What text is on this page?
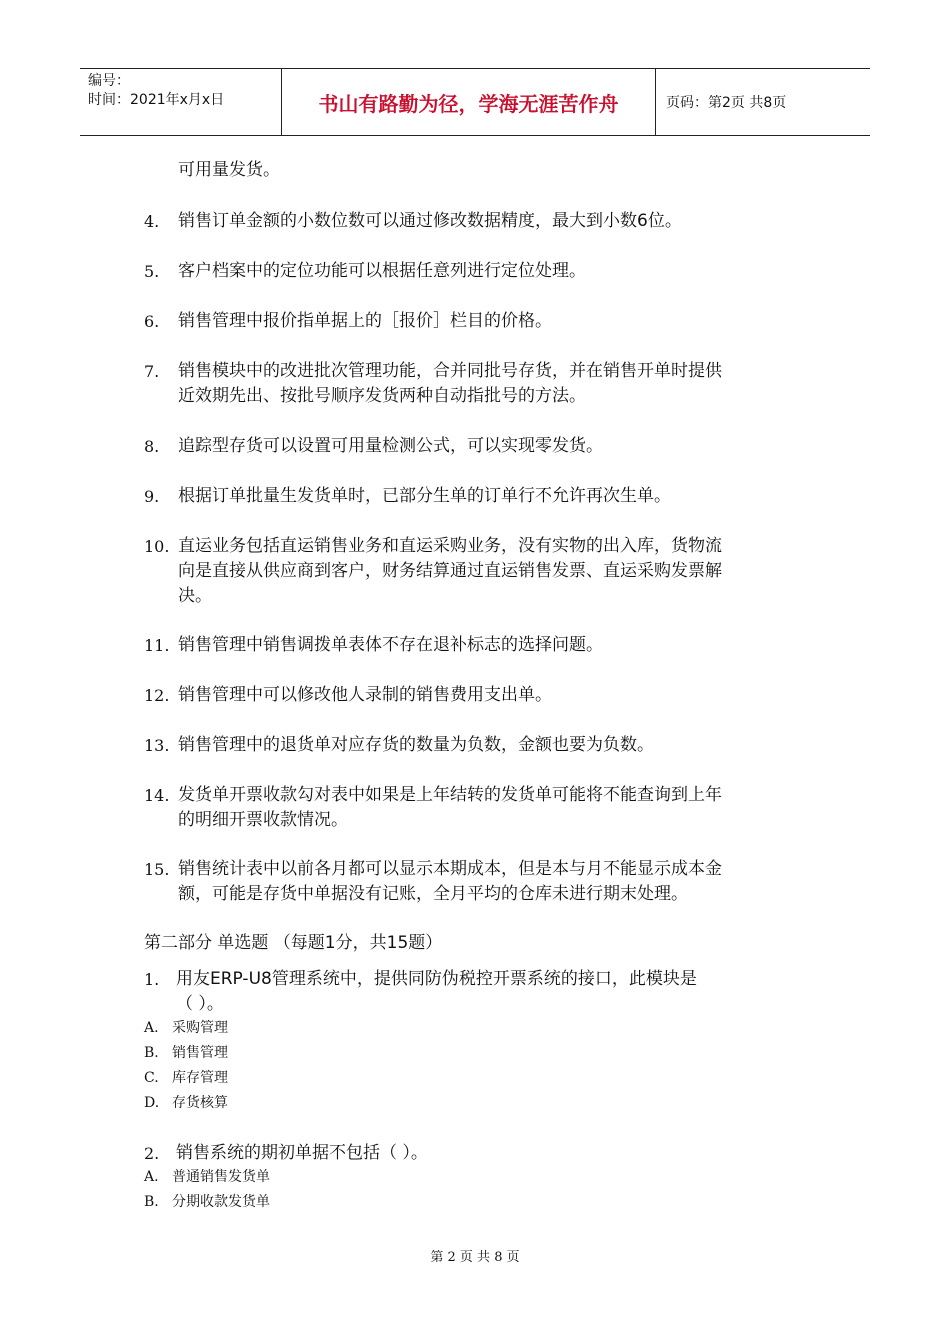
编号：
时间：2021年x月x日	书山有路勤为径，学海无涯苦作舟	页码：第2页 共8页
可用量发货。
4. 销售订单金额的小数位数可以通过修改数据精度，最大到小数6位。
5. 客户档案中的定位功能可以根据任意列进行定位处理。
6. 销售管理中报价指单据上的［报价］栏目的价格。
7. 销售模块中的改进批次管理功能，合并同批号存货，并在销售开单时提供
近效期先出、按批号顺序发货两种自动指批号的方法。
8. 追踪型存货可以设置可用量检测公式，可以实现零发货。
9. 根据订单批量生发货单时，已部分生单的订单行不允许再次生单。
10. 直运业务包括直运销售业务和直运采购业务，没有实物的出入库，货物流
向是直接从供应商到客户，财务结算通过直运销售发票、直运采购发票解
决。
11. 销售管理中销售调拨单表体不存在退补标志的选择问题。
12. 销售管理中可以修改他人录制的销售费用支出单。
13. 销售管理中的退货单对应存货的数量为负数，金额也要为负数。
14. 发货单开票收款勾对表中如果是上年结转的发货单可能将不能查询到上年
的明细开票收款情况。
15. 销售统计表中以前各月都可以显示本期成本，但是本与月不能显示成本金
额，可能是存货中单据没有记账，全月平均的仓库未进行期末处理。
第二部分 单选题 （每题1分，共15题）
1. 用友ERP-U8管理系统中，提供同防伪税控开票系统的接口，此模块是
（ ）。
A. 采购管理
B. 销售管理
C. 库存管理
D. 存货核算
2. 销售系统的期初单据不包括（ ）。
A. 普通销售发货单
B. 分期收款发货单
第 2 页 共 8 页
